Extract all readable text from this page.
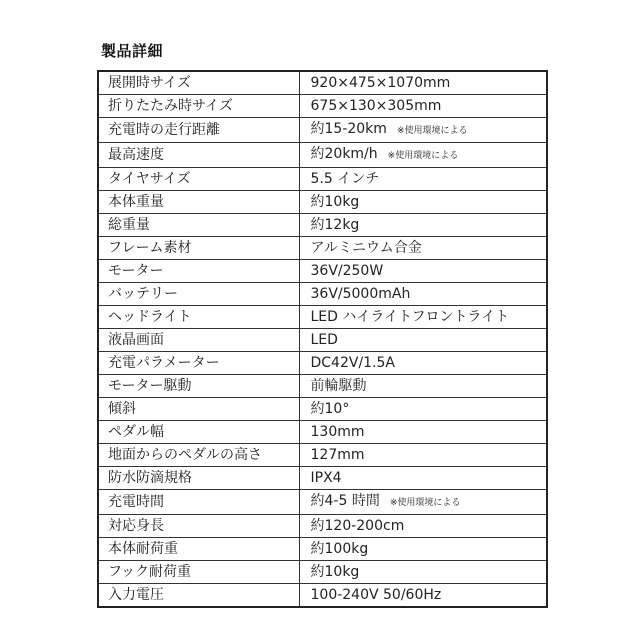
製品詳細
展開時サイズ	920×475×1070mm
折りたたみ時サイズ	675×130×305mm
充電時の走行距離	約15-20km ※使用環境による
最高速度	約20km/h ※使用環境による
タイヤサイズ	5.5 インチ
本体重量	約10kg
総重量	約12kg
フレーム素材	アルミニウム合金
モーター	36V/250W
バッテリー	36V/5000mAh
ヘッドライト	LED ハイライトフロントライト
液晶画面	LED
充電パラメーター	DC42V/1.5A
モーター駆動	前輪駆動
傾斜	約10°
ペダル幅	130mm
地面からのペダルの高さ	127mm
防水防滴規格	IPX4
充電時間	約4-5 時間 ※使用環境による
対応身長	約120-200cm
本体耐荷重	約100kg
フック耐荷重	約10kg
入力電圧	100-240V 50/60Hz
